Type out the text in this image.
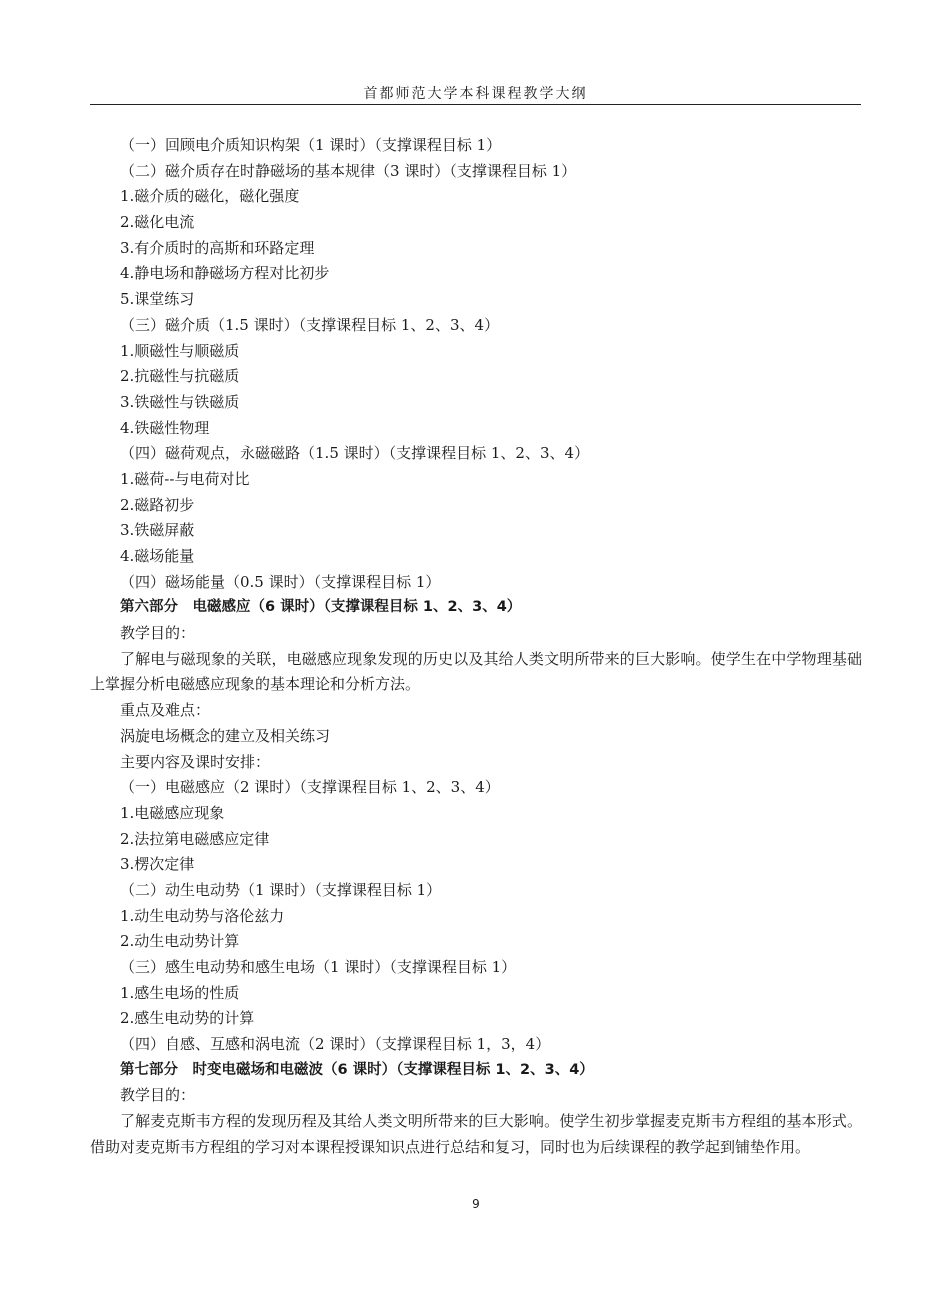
首都师范大学本科课程教学大纲
（一）回顾电介质知识构架（1 课时）（支撑课程目标 1）
（二）磁介质存在时静磁场的基本规律（3 课时）（支撑课程目标 1）
1.磁介质的磁化，磁化强度
2.磁化电流
3.有介质时的高斯和环路定理
4.静电场和静磁场方程对比初步
5.课堂练习
（三）磁介质（1.5 课时）（支撑课程目标 1、2、3、4）
1.顺磁性与顺磁质
2.抗磁性与抗磁质
3.铁磁性与铁磁质
4.铁磁性物理
（四）磁荷观点，永磁磁路（1.5 课时）（支撑课程目标 1、2、3、4）
1.磁荷--与电荷对比
2.磁路初步
3.铁磁屏蔽
4.磁场能量
（四）磁场能量（0.5 课时）（支撑课程目标 1）
第六部分　电磁感应（6 课时）（支撑课程目标 1、2、3、4）
教学目的：
了解电与磁现象的关联，电磁感应现象发现的历史以及其给人类文明所带来的巨大影响。使学生在中学物理基础上掌握分析电磁感应现象的基本理论和分析方法。
重点及难点：
涡旋电场概念的建立及相关练习
主要内容及课时安排：
（一）电磁感应（2 课时）（支撑课程目标 1、2、3、4）
1.电磁感应现象
2.法拉第电磁感应定律
3.楞次定律
（二）动生电动势（1 课时）（支撑课程目标 1）
1.动生电动势与洛伦兹力
2.动生电动势计算
（三）感生电动势和感生电场（1 课时）（支撑课程目标 1）
1.感生电场的性质
2.感生电动势的计算
（四）自感、互感和涡电流（2 课时）（支撑课程目标 1，3，4）
第七部分　时变电磁场和电磁波（6 课时）（支撑课程目标 1、2、3、4）
教学目的：
了解麦克斯韦方程的发现历程及其给人类文明所带来的巨大影响。使学生初步掌握麦克斯韦方程组的基本形式。借助对麦克斯韦方程组的学习对本课程授课知识点进行总结和复习，同时也为后续课程的教学起到铺垫作用。
9
